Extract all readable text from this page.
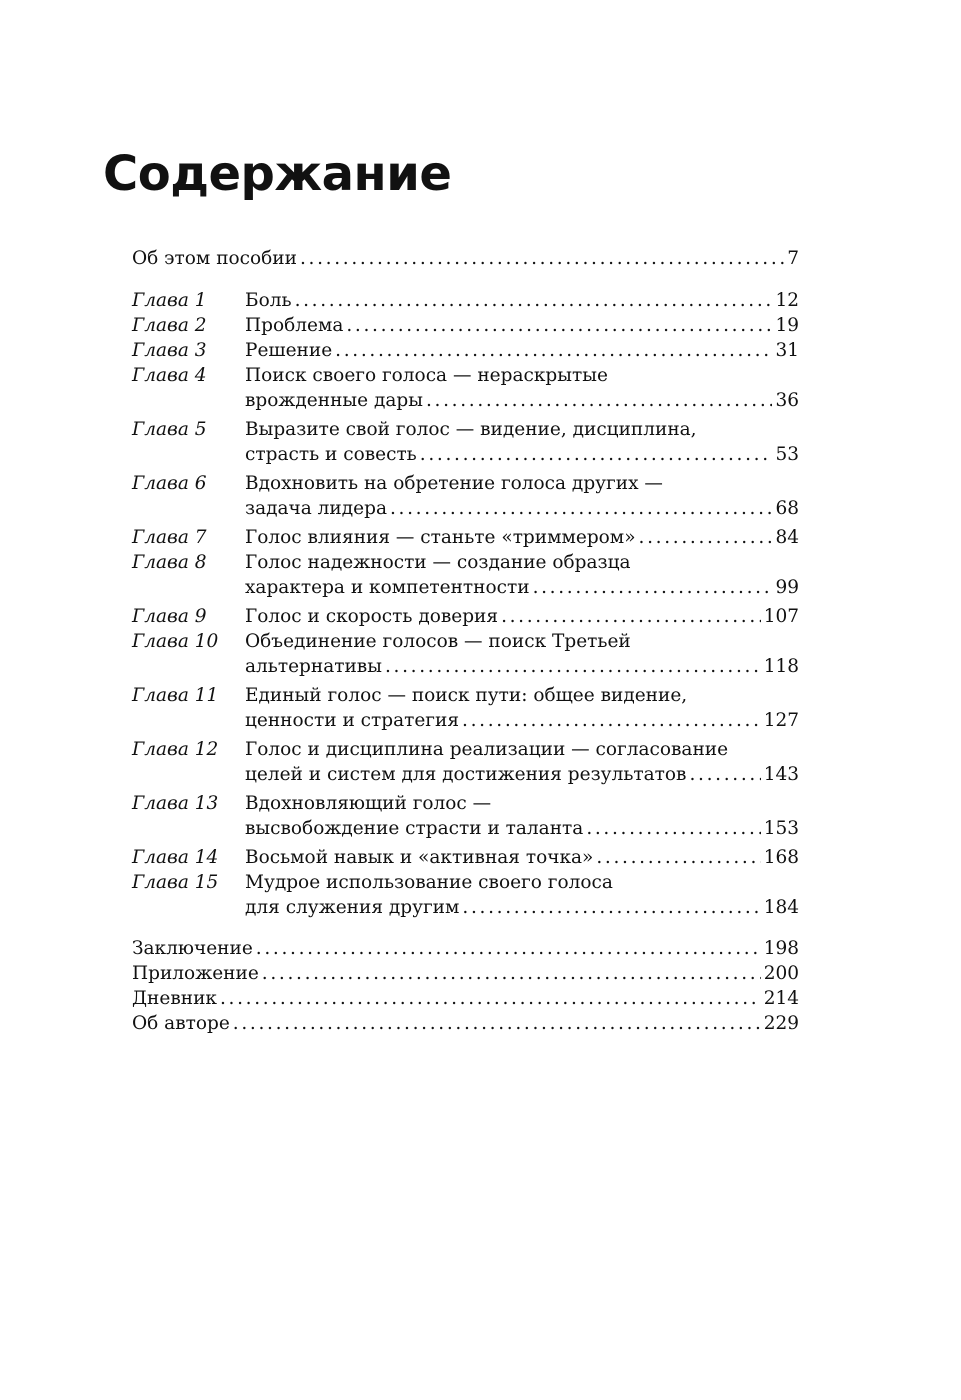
Содержание
Об этом пособии . . .	7
Глава 1	Боль . . .	12
Глава 2	Проблема . . .	19
Глава 3	Решение . . .	31
Глава 4	Поиск своего голоса — нераскрытые
врожденные дары . . .	36
Глава 5	Выразите свой голос — видение, дисциплина,
страсть и совесть . . .	53
Глава 6	Вдохновить на обретение голоса других —
задача лидера . . .	68
Глава 7	Голос влияния — станьте «триммером» . . .	84
Глава 8	Голос надежности — создание образца
характера и компетентности . . .	99
Глава 9	Голос и скорость доверия . . .	107
Глава 10	Объединение голосов — поиск Третьей
альтернативы . . .	118
Глава 11	Единый голос — поиск пути: общее видение,
ценности и стратегия . . .	127
Глава 12	Голос и дисциплина реализации — согласование
целей и систем для достижения результатов . . .	143
Глава 13	Вдохновляющий голос —
высвобождение страсти и таланта . . .	153
Глава 14	Восьмой навык и «активная точка» . . .	168
Глава 15	Мудрое использование своего голоса
для служения другим . . .	184
Заключение . . .	198
Приложение . . .	200
Дневник . . .	214
Об авторе . . .	229
